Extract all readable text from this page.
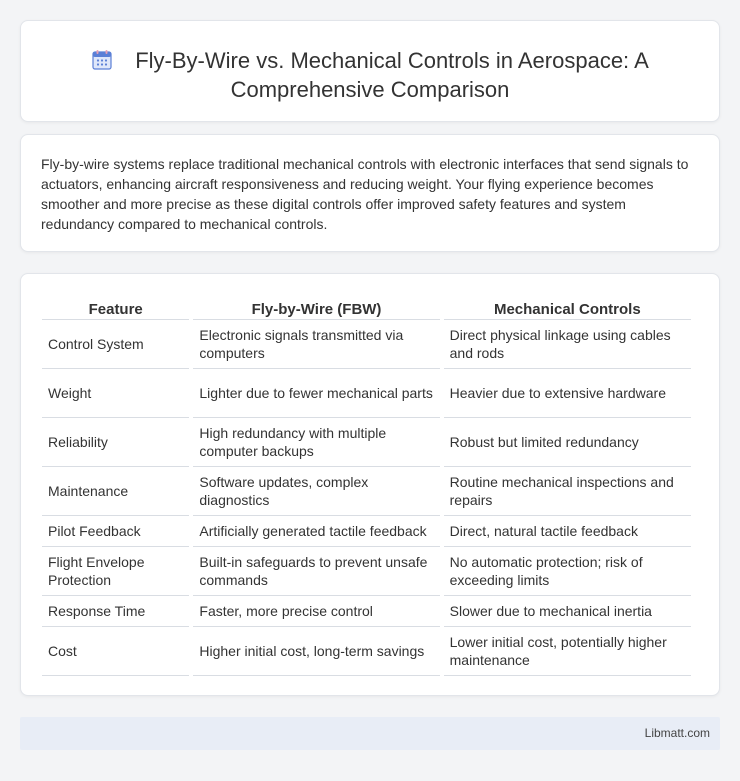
Fly-By-Wire vs. Mechanical Controls in Aerospace: A Comprehensive Comparison

Fly-by-wire systems replace traditional mechanical controls with electronic interfaces that send signals to actuators, enhancing aircraft responsiveness and reducing weight. Your flying experience becomes smoother and more precise as these digital controls offer improved safety features and system redundancy compared to mechanical controls.

Feature	Fly-by-Wire (FBW)	Mechanical Controls
Control System	Electronic signals transmitted via computers	Direct physical linkage using cables and rods
Weight	Lighter due to fewer mechanical parts	Heavier due to extensive hardware
Reliability	High redundancy with multiple computer backups	Robust but limited redundancy
Maintenance	Software updates, complex diagnostics	Routine mechanical inspections and repairs
Pilot Feedback	Artificially generated tactile feedback	Direct, natural tactile feedback
Flight Envelope Protection	Built-in safeguards to prevent unsafe commands	No automatic protection; risk of exceeding limits
Response Time	Faster, more precise control	Slower due to mechanical inertia
Cost	Higher initial cost, long-term savings	Lower initial cost, potentially higher maintenance
Libmatt.com
